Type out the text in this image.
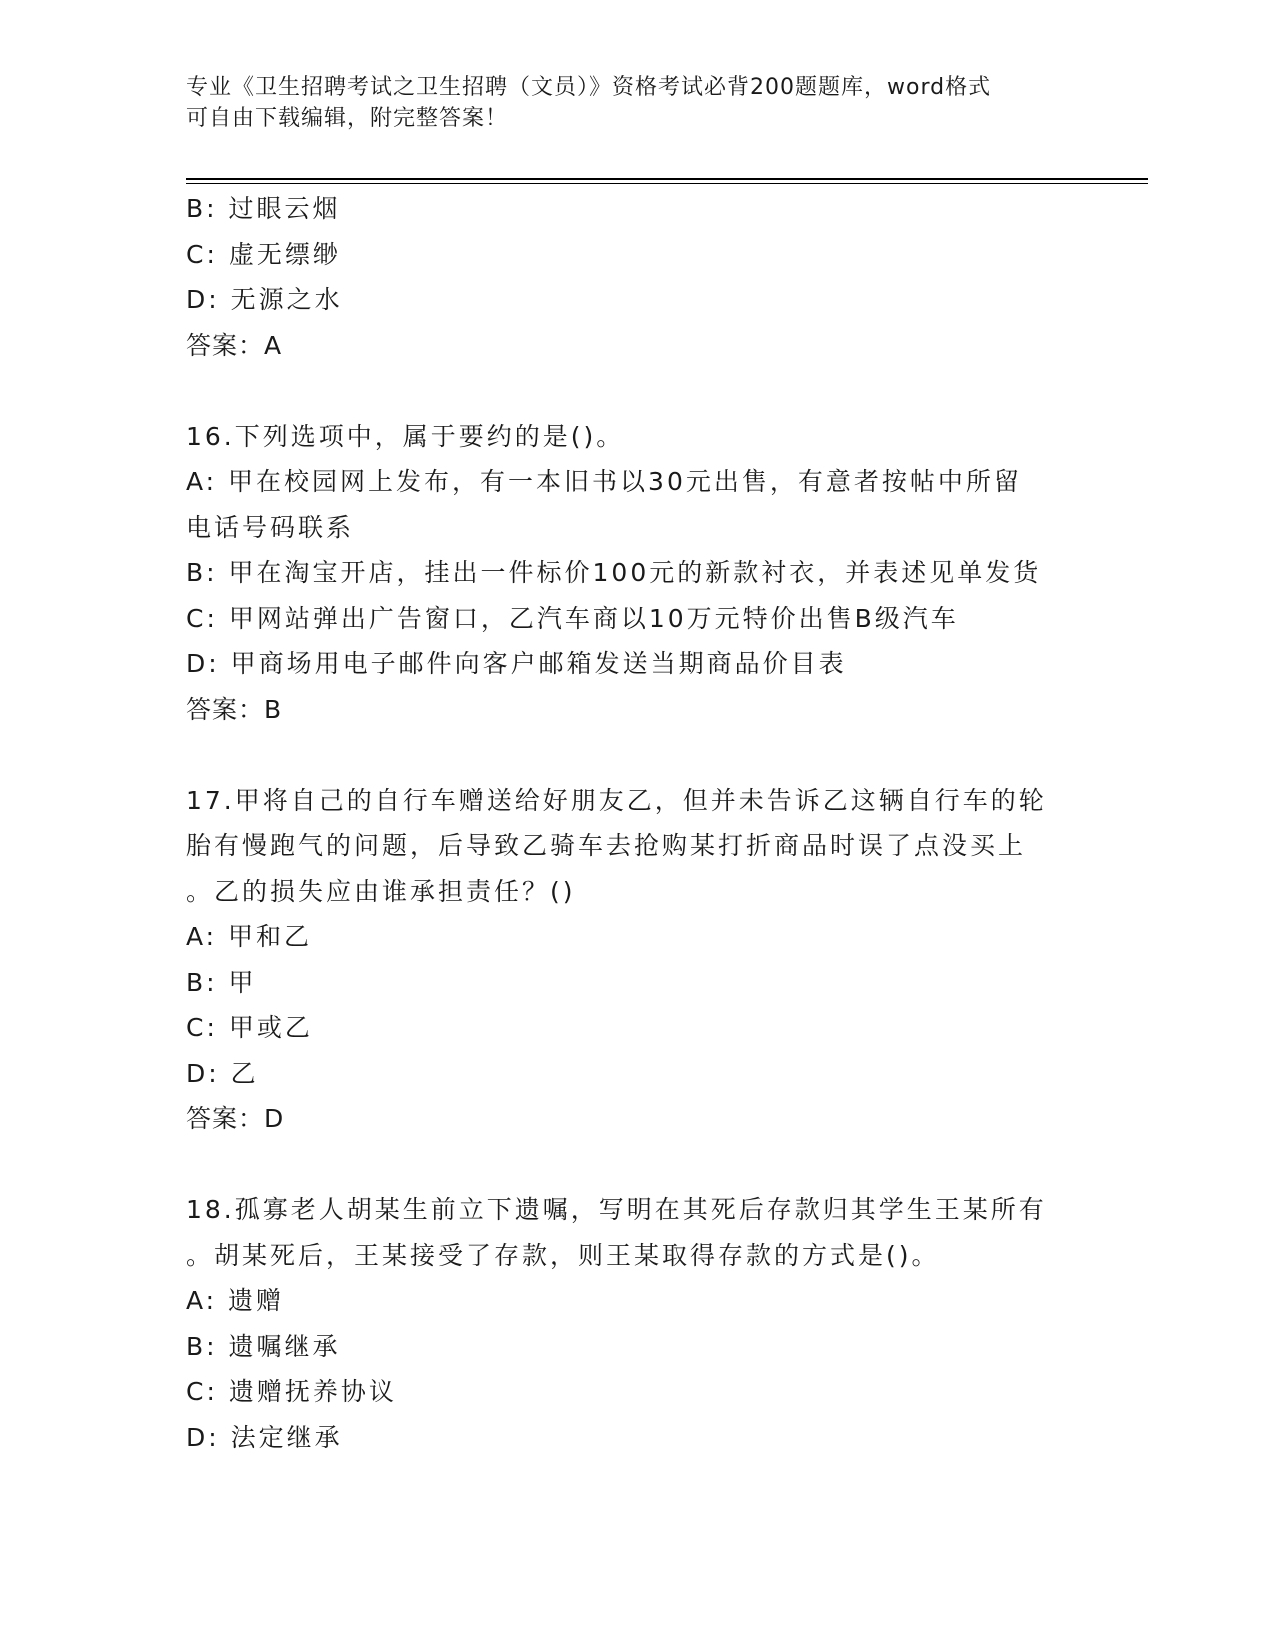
专业《卫生招聘考试之卫生招聘（文员）》资格考试必背200题题库，word格式
可自由下载编辑，附完整答案！
B: 过眼云烟
C: 虚无缥缈
D: 无源之水
答案：A
16.下列选项中，属于要约的是()。
A: 甲在校园网上发布，有一本旧书以30元出售，有意者按帖中所留
电话号码联系
B: 甲在淘宝开店，挂出一件标价100元的新款衬衣，并表述见单发货
C: 甲网站弹出广告窗口，乙汽车商以10万元特价出售B级汽车
D: 甲商场用电子邮件向客户邮箱发送当期商品价目表
答案：B
17.甲将自己的自行车赠送给好朋友乙，但并未告诉乙这辆自行车的轮
胎有慢跑气的问题，后导致乙骑车去抢购某打折商品时误了点没买上
。乙的损失应由谁承担责任？()
A: 甲和乙
B: 甲
C: 甲或乙
D: 乙
答案：D
18.孤寡老人胡某生前立下遗嘱，写明在其死后存款归其学生王某所有
。胡某死后，王某接受了存款，则王某取得存款的方式是()。
A: 遗赠
B: 遗嘱继承
C: 遗赠抚养协议
D: 法定继承
